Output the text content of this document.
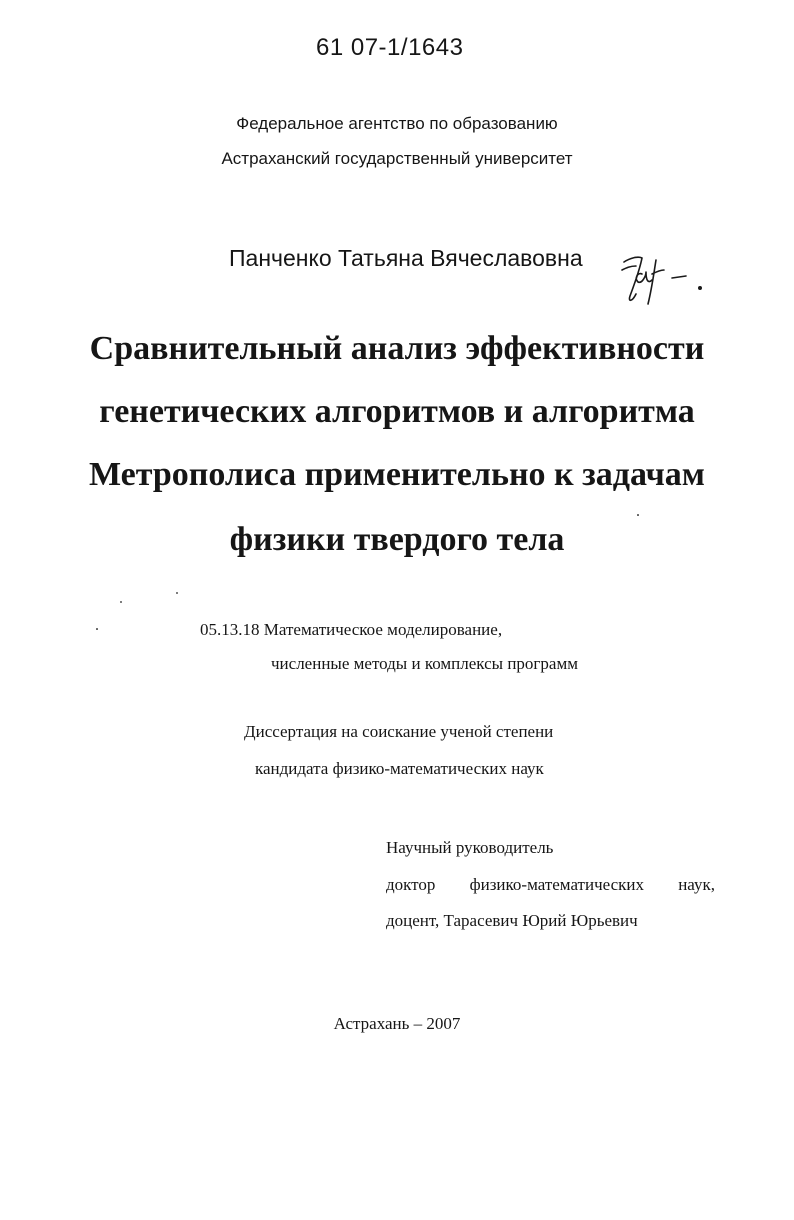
61 07-1/1643
Федеральное агентство по образованию
Астраханский государственный университет
Панченко Татьяна Вячеславовна
Сравнительный анализ эффективности
генетических алгоритмов и алгоритма
Метрополиса применительно к задачам
физики твердого тела
05.13.18 Математическое моделирование,
численные методы и комплексы программ
Диссертация на соискание ученой степени
кандидата физико-математических наук
Научный руководитель
доктор физико-математических наук,
доцент, Тарасевич Юрий Юрьевич
Астрахань – 2007
